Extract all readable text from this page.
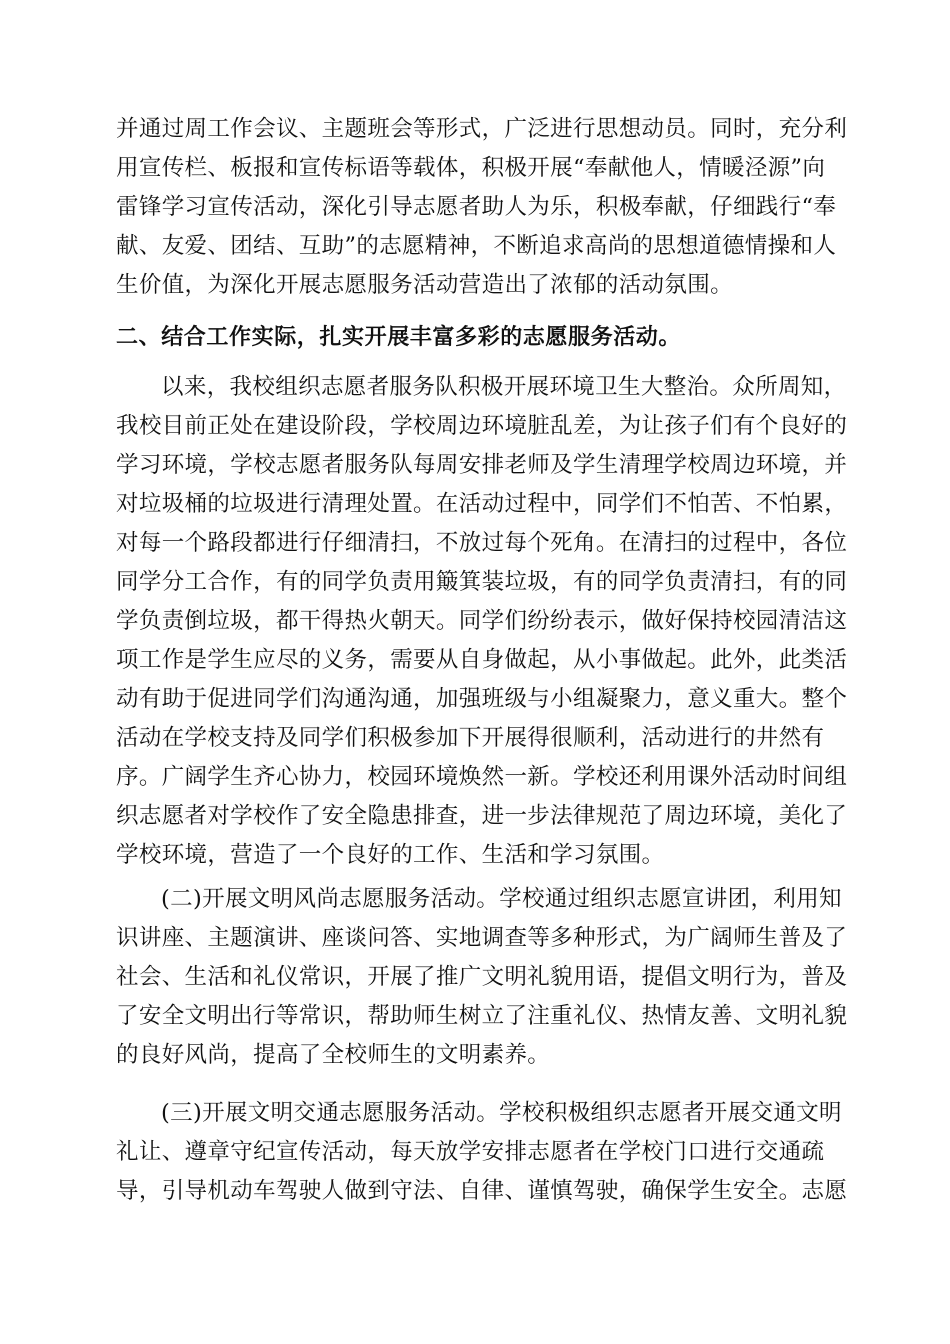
并通过周工作会议、主题班会等形式，广泛进行思想动员。同时，充分利
用宣传栏、板报和宣传标语等载体，积极开展“奉献他人，情暖泾源”向
雷锋学习宣传活动，深化引导志愿者助人为乐，积极奉献，仔细践行“奉
献、友爱、团结、互助”的志愿精神，不断追求高尚的思想道德情操和人
生价值，为深化开展志愿服务活动营造出了浓郁的活动氛围。
二、结合工作实际，扎实开展丰富多彩的志愿服务活动。
以来，我校组织志愿者服务队积极开展环境卫生大整治。众所周知，
我校目前正处在建设阶段，学校周边环境脏乱差，为让孩子们有个良好的
学习环境，学校志愿者服务队每周安排老师及学生清理学校周边环境，并
对垃圾桶的垃圾进行清理处置。在活动过程中，同学们不怕苦、不怕累，
对每一个路段都进行仔细清扫，不放过每个死角。在清扫的过程中，各位
同学分工合作，有的同学负责用簸箕装垃圾，有的同学负责清扫，有的同
学负责倒垃圾，都干得热火朝天。同学们纷纷表示，做好保持校园清洁这
项工作是学生应尽的义务，需要从自身做起，从小事做起。此外，此类活
动有助于促进同学们沟通沟通，加强班级与小组凝聚力，意义重大。整个
活动在学校支持及同学们积极参加下开展得很顺利，活动进行的井然有
序。广阔学生齐心协力，校园环境焕然一新。学校还利用课外活动时间组
织志愿者对学校作了安全隐患排查，进一步法律规范了周边环境，美化了
学校环境，营造了一个良好的工作、生活和学习氛围。
(二)开展文明风尚志愿服务活动。学校通过组织志愿宣讲团，利用知
识讲座、主题演讲、座谈问答、实地调查等多种形式，为广阔师生普及了
社会、生活和礼仪常识，开展了推广文明礼貌用语，提倡文明行为，普及
了安全文明出行等常识，帮助师生树立了注重礼仪、热情友善、文明礼貌
的良好风尚，提高了全校师生的文明素养。
(三)开展文明交通志愿服务活动。学校积极组织志愿者开展交通文明
礼让、遵章守纪宣传活动，每天放学安排志愿者在学校门口进行交通疏
导，引导机动车驾驶人做到守法、自律、谨慎驾驶，确保学生安全。志愿
